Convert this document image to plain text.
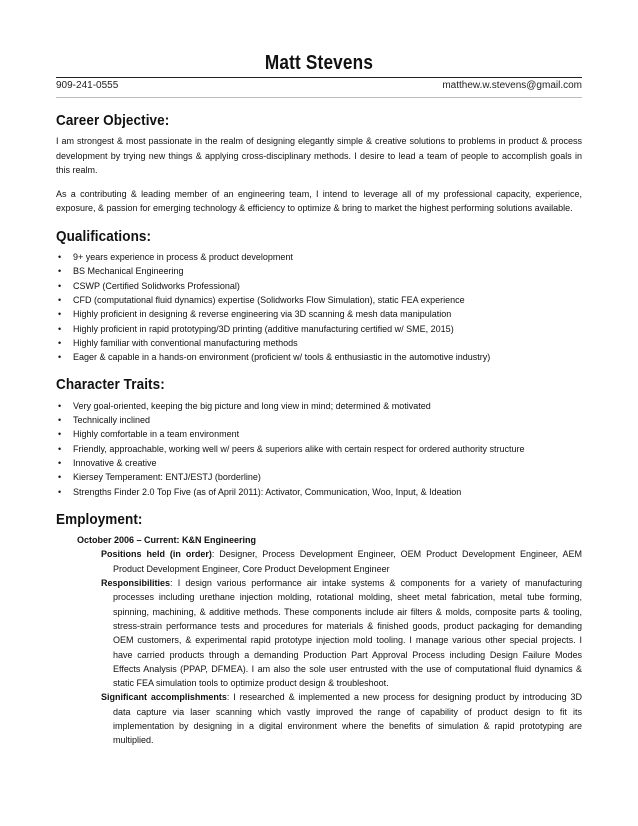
Matt Stevens
909-241-0555	matthew.w.stevens@gmail.com
Career Objective:

I am strongest & most passionate in the realm of designing elegantly simple & creative solutions to problems in product & process development by trying new things & applying cross-disciplinary methods. I desire to lead a team of people to accomplish goals in this realm.

As a contributing & leading member of an engineering team, I intend to leverage all of my professional capacity, experience, exposure, & passion for emerging technology & efficiency to optimize & bring to market the highest performing solutions available.

Qualifications:
• 9+ years experience in process & product development
• BS Mechanical Engineering
• CSWP (Certified Solidworks Professional)
• CFD (computational fluid dynamics) expertise (Solidworks Flow Simulation), static FEA experience
• Highly proficient in designing & reverse engineering via 3D scanning & mesh data manipulation
• Highly proficient in rapid prototyping/3D printing (additive manufacturing certified w/ SME, 2015)
• Highly familiar with conventional manufacturing methods
• Eager & capable in a hands-on environment (proficient w/ tools & enthusiastic in the automotive industry)
Character Traits:
• Very goal-oriented, keeping the big picture and long view in mind; determined & motivated
• Technically inclined
• Highly comfortable in a team environment
• Friendly, approachable, working well w/ peers & superiors alike with certain respect for ordered authority structure
• Innovative & creative
• Kiersey Temperament: ENTJ/ESTJ (borderline)
• Strengths Finder 2.0 Top Five (as of April 2011): Activator, Communication, Woo, Input, & Ideation
Employment:
October 2006 – Current: K&N Engineering

Positions held (in order): Designer, Process Development Engineer, OEM Product Development Engineer, AEM Product Development Engineer, Core Product Development Engineer

Responsibilities: I design various performance air intake systems & components for a variety of manufacturing processes including urethane injection molding, rotational molding, sheet metal fabrication, metal tube forming, spinning, machining, & additive methods. These components include air filters & molds, composite parts & tooling, stress-strain performance tests and procedures for materials & finished goods, product packaging for demanding OEM customers, & experimental rapid prototype injection mold tooling. I manage various other special projects. I have carried products through a demanding Production Part Approval Process including Design Failure Modes Effects Analysis (PPAP, DFMEA). I am also the sole user entrusted with the use of computational fluid dynamics & static FEA simulation tools to optimize product design & troubleshoot.

Significant accomplishments: I researched & implemented a new process for designing product by introducing 3D data capture via laser scanning which vastly improved the range of capability of product design to fit its implementation by designing in a digital environment where the benefits of simulation & rapid prototyping are multiplied.
